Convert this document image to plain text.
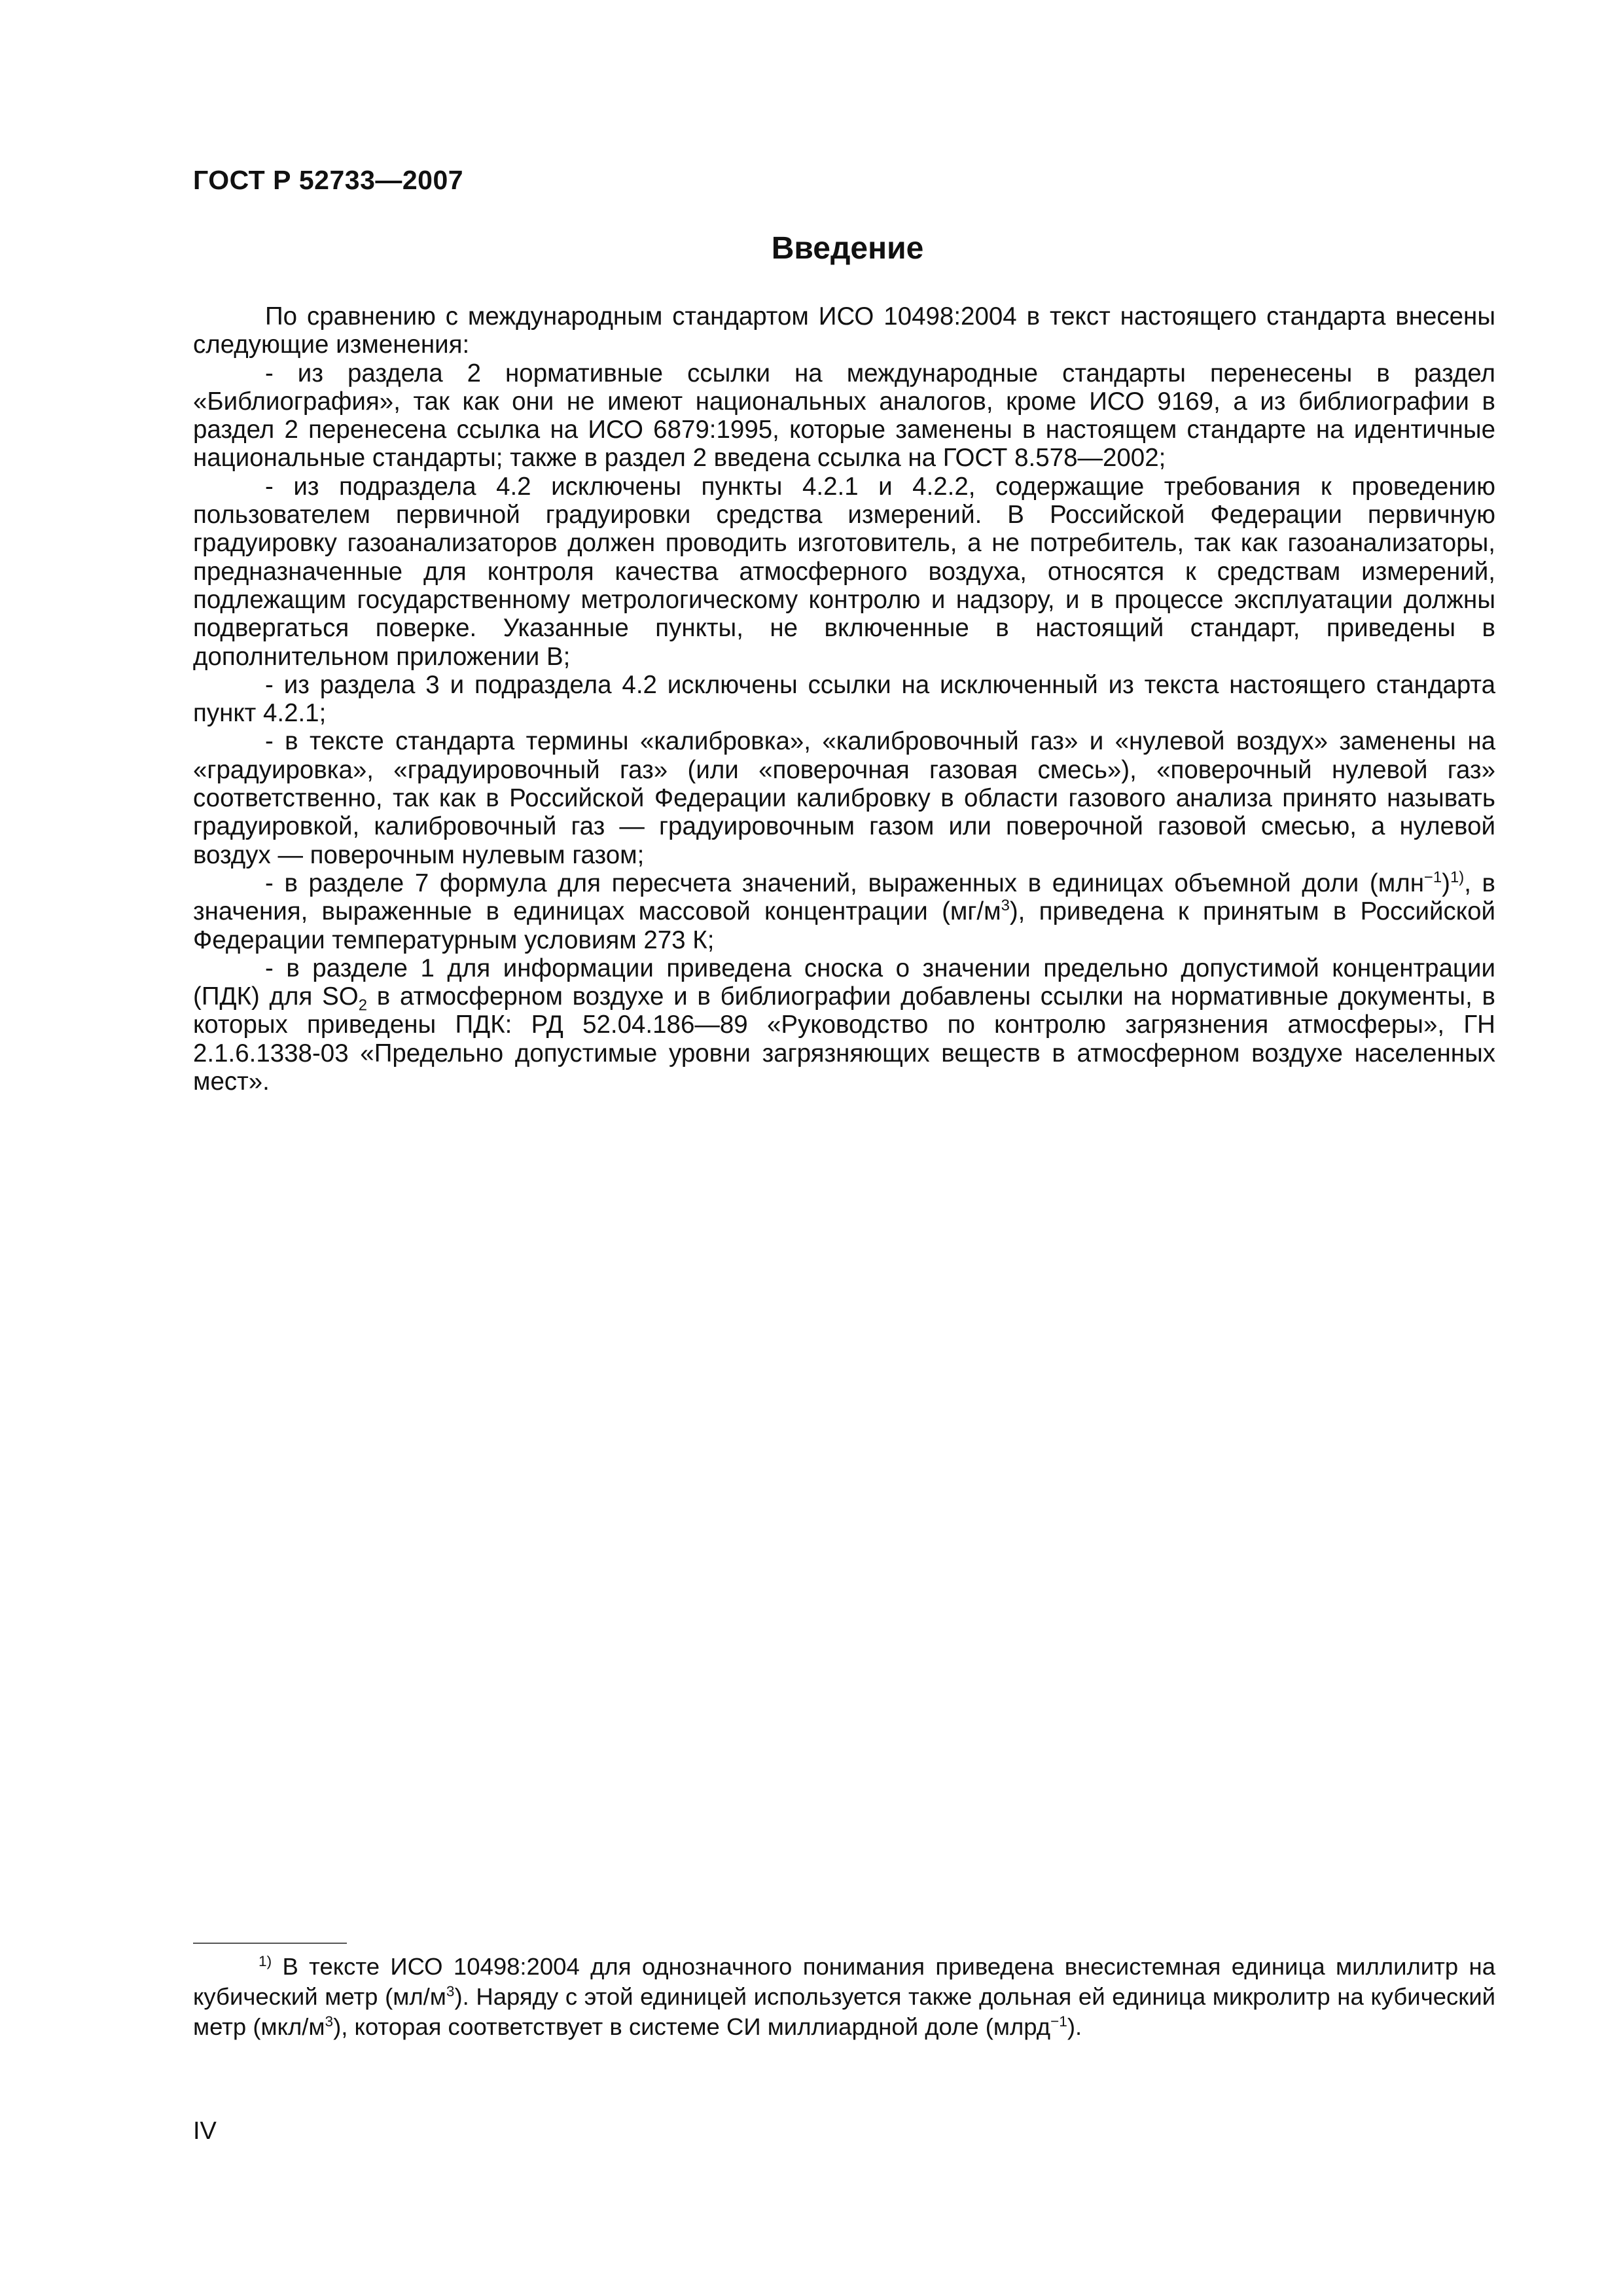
ГОСТ Р 52733—2007
Введение

По сравнению с международным стандартом ИСО 10498:2004 в текст настоящего стандарта внесены следующие изменения:

- из раздела 2 нормативные ссылки на международные стандарты перенесены в раздел «Библиография», так как они не имеют национальных аналогов, кроме ИСО 9169, а из библиографии в раздел 2 перенесена ссылка на ИСО 6879:1995, которые заменены в настоящем стандарте на идентичные национальные стандарты; также в раздел 2 введена ссылка на ГОСТ 8.578—2002;

- из подраздела 4.2 исключены пункты 4.2.1 и 4.2.2, содержащие требования к проведению пользователем первичной градуировки средства измерений. В Российской Федерации первичную градуировку газоанализаторов должен проводить изготовитель, а не потребитель, так как газоанализаторы, предназначенные для контроля качества атмосферного воздуха, относятся к средствам измерений, подлежащим государственному метрологическому контролю и надзору, и в процессе эксплуатации должны подвергаться поверке. Указанные пункты, не включенные в настоящий стандарт, приведены в дополнительном приложении В;

- из раздела 3 и подраздела 4.2 исключены ссылки на исключенный из текста настоящего стандарта пункт 4.2.1;

- в тексте стандарта термины «калибровка», «калибровочный газ» и «нулевой воздух» заменены на «градуировка», «градуировочный газ» (или «поверочная газовая смесь»), «поверочный нулевой газ» соответственно, так как в Российской Федерации калибровку в области газового анализа принято называть градуировкой, калибровочный газ — градуировочным газом или поверочной газовой смесью, а нулевой воздух — поверочным нулевым газом;

- в разделе 7 формула для пересчета значений, выраженных в единицах объемной доли $(млн^{-1})^{1)}$, в значения, выраженные в единицах массовой концентрации $(мг/м^3)$, приведена к принятым в Российской Федерации температурным условиям 273 К;

- в разделе 1 для информации приведена сноска о значении предельно допустимой концентрации (ПДК) для $SO_2$ в атмосферном воздухе и в библиографии добавлены ссылки на нормативные документы, в которых приведены ПДК: РД 52.04.186—89 «Руководство по контролю загрязнения атмосферы», ГН 2.1.6.1338-03 «Предельно допустимые уровни загрязняющих веществ в атмосферном воздухе населенных мест».

$^{1)}$ В тексте ИСО 10498:2004 для однозначного понимания приведена внесистемная единица миллилитр на кубический метр $(мл/м^3)$. Наряду с этой единицей используется также дольная ей единица микролитр на кубический метр $(мкл/м^3)$, которая соответствует в системе СИ миллиардной доле (млрд$^{-1}$).

IV
